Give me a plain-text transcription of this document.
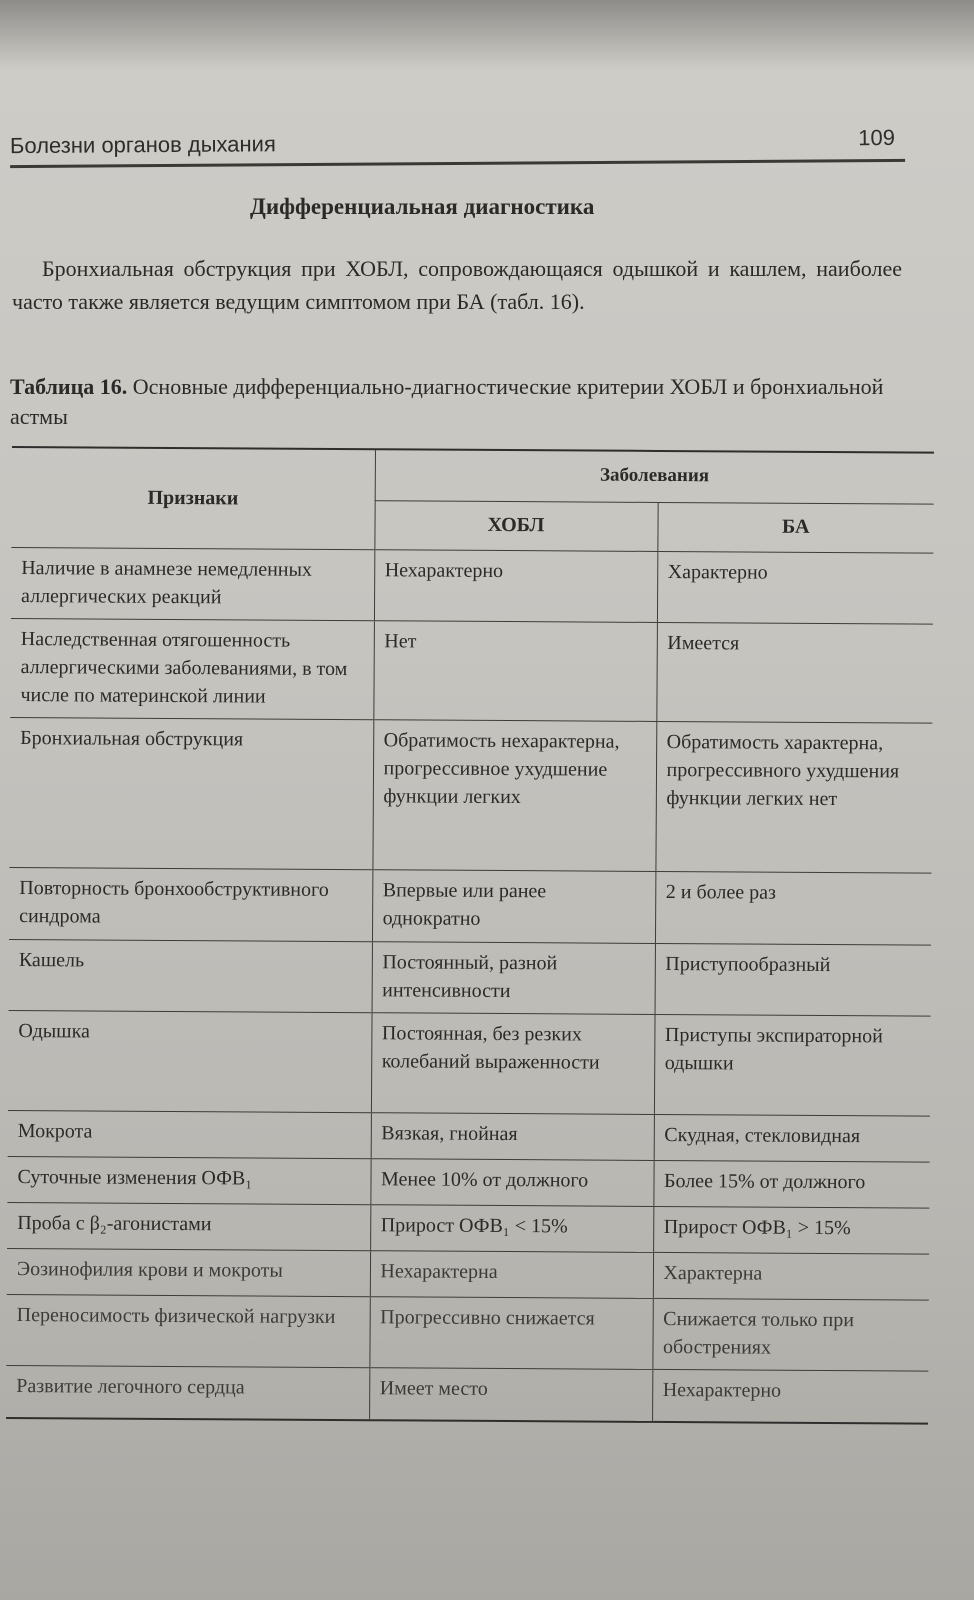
Болезни органов дыхания	109
Дифференциальная диагностика
Бронхиальная обструкция при ХОБЛ, сопровождающаяся одышкой и кашлем, наиболее часто также является ведущим симптомом при БА (табл. 16).
Таблица 16. Основные дифференциально-диагностические критерии ХОБЛ и бронхиальной астмы
Признаки	Заболевания	
	ХОБЛ	БА
Наличие в анамнезе немедленных аллергических реакций	Нехарактерно	Характерно
Наследственная отягошенность аллергическими заболеваниями, в том числе по материнской линии	Нет	Имеется
Бронхиальная обструкция	Обратимость нехарактерна, прогрессивное ухудшение функции легких	Обратимость характерна, прогрессивного ухудшения функции легких нет
Повторность бронхообструктивного синдрома	Впервые или ранее однократно	2 и более раз
Кашель	Постоянный, разной интенсивности	Приступообразный
Одышка	Постоянная, без резких колебаний выраженности	Приступы экспираторной одышки
Мокрота	Вязкая, гнойная	Скудная, стекловидная
Суточные изменения ОФВ₁	Менее 10% от должного	Более 15% от должного
Проба с β₂-агонистами	Прирост ОФВ₁ < 15%	Прирост ОФВ₁ > 15%
Эозинофилия крови и мокроты	Нехарактерна	Характерна
Переносимость физической нагрузки	Прогрессивно снижается	Снижается только при обострениях
Развитие легочного сердца	Имеет место	Нехарактерно
